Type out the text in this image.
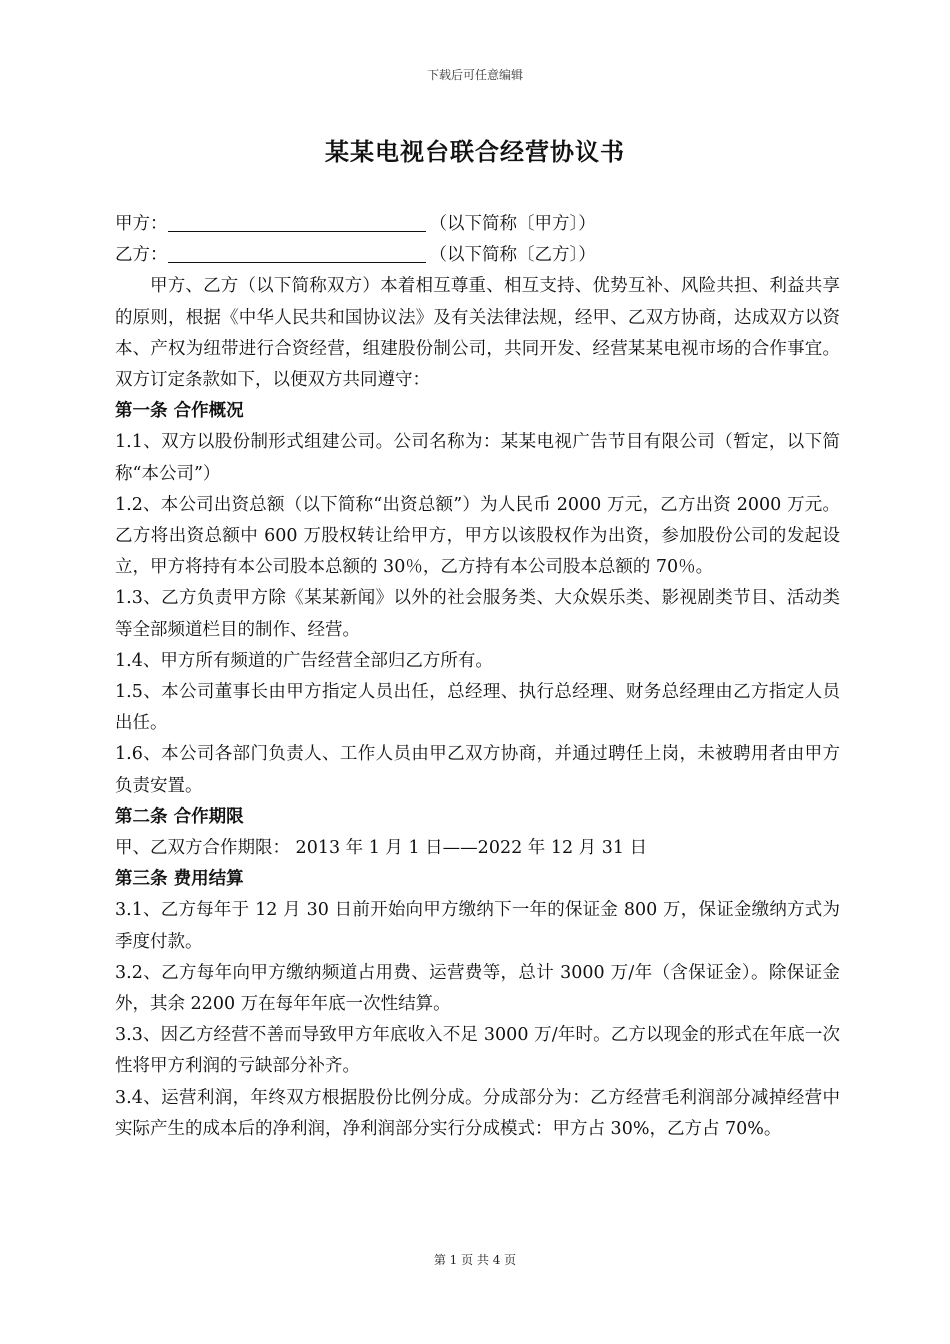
下载后可任意编辑
某某电视台联合经营协议书
甲方：	（以下简称〔甲方〕）
乙方：	（以下简称〔乙方〕）

甲方、乙方（以下简称双方）本着相互尊重、相互支持、优势互补、风险共担、利益共享的原则，根据《中华人民共和国协议法》及有关法律法规，经甲、乙双方协商，达成双方以资本、产权为纽带进行合资经营，组建股份制公司，共同开发、经营某某电视市场的合作事宜。双方订定条款如下，以便双方共同遵守：

第一条 合作概况

1.1、双方以股份制形式组建公司。公司名称为：某某电视广告节目有限公司（暂定，以下简称“本公司”）

1.2、本公司出资总额（以下简称“出资总额”）为人民币 2000 万元，乙方出资 2000 万元。乙方将出资总额中 600 万股权转让给甲方，甲方以该股权作为出资，参加股份公司的发起设立，甲方将持有本公司股本总额的 30％，乙方持有本公司股本总额的 70％。

1.3、乙方负责甲方除《某某新闻》以外的社会服务类、大众娱乐类、影视剧类节目、活动类等全部频道栏目的制作、经营。

1.4、甲方所有频道的广告经营全部归乙方所有。

1.5、本公司董事长由甲方指定人员出任，总经理、执行总经理、财务总经理由乙方指定人员出任。

1.6、本公司各部门负责人、工作人员由甲乙双方协商，并通过聘任上岗，未被聘用者由甲方负责安置。

第二条 合作期限

甲、乙双方合作期限： 2013 年 1 月 1 日——2022 年 12 月 31 日

第三条 费用结算

3.1、乙方每年于 12 月 30 日前开始向甲方缴纳下一年的保证金 800 万，保证金缴纳方式为季度付款。

3.2、乙方每年向甲方缴纳频道占用费、运营费等，总计 3000 万/年（含保证金）。除保证金外，其余 2200 万在每年年底一次性结算。

3.3、因乙方经营不善而导致甲方年底收入不足 3000 万/年时。乙方以现金的形式在年底一次性将甲方利润的亏缺部分补齐。

3.4、运营利润，年终双方根据股份比例分成。分成部分为：乙方经营毛利润部分减掉经营中实际产生的成本后的净利润，净利润部分实行分成模式：甲方占 30%，乙方占 70%。

第 1 页 共 4 页
